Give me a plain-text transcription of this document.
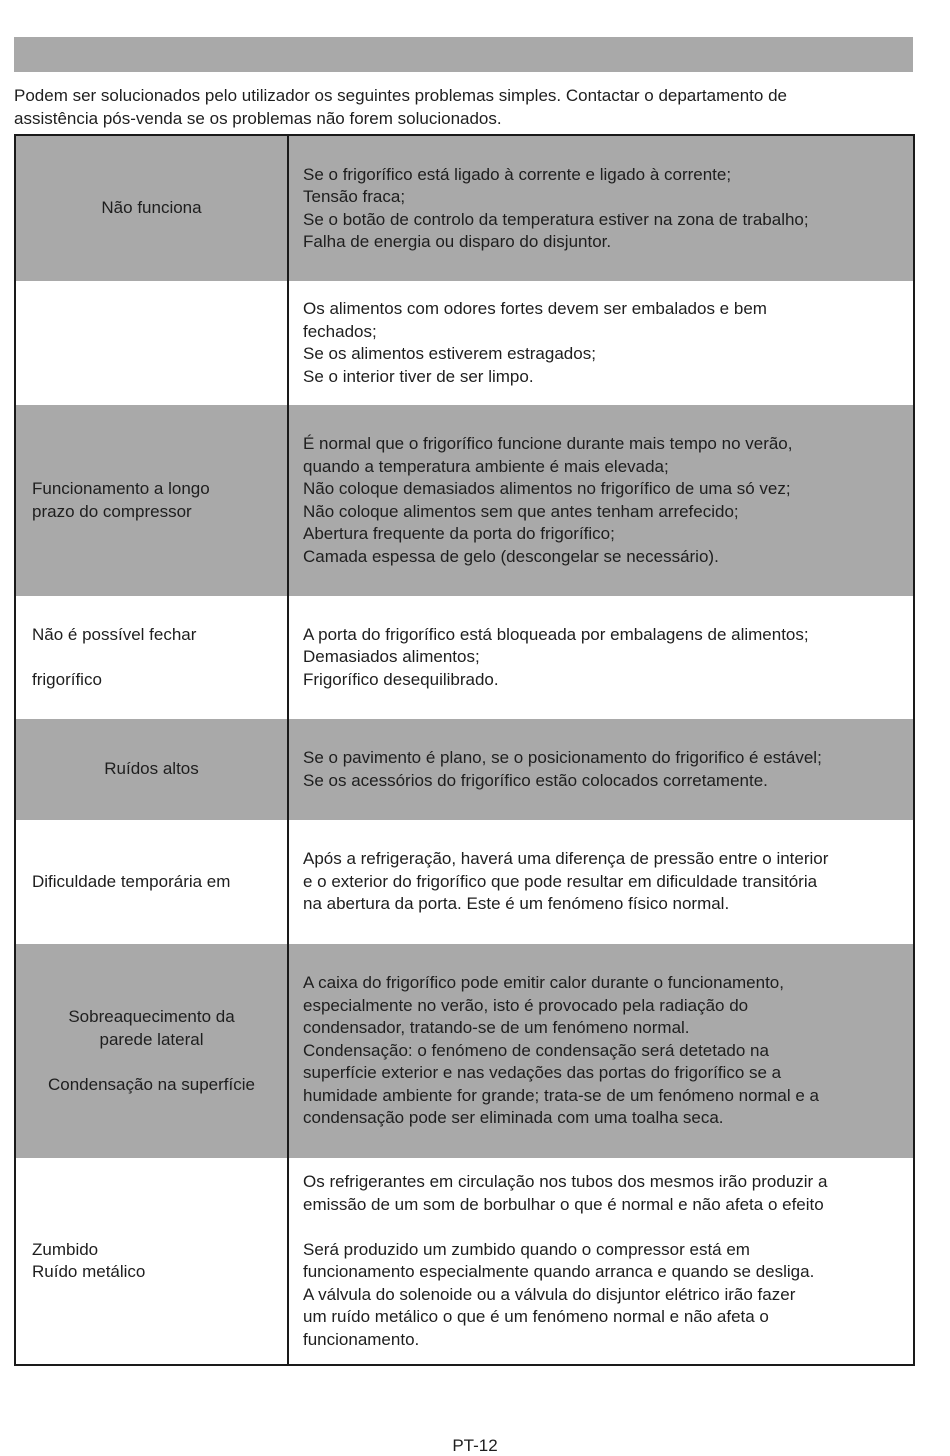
Podem ser solucionados pelo utilizador os seguintes problemas simples. Contactar o departamento de

assistência pós-venda se os problemas não forem solucionados.

Não funciona
Se o frigorífico está ligado à corrente e ligado à corrente;
Tensão fraca;
Se o botão de controlo da temperatura estiver na zona de trabalho;
Falha de energia ou disparo do disjuntor.
Os alimentos com odores fortes devem ser embalados e bem
fechados;
Se os alimentos estiverem estragados;
Se o interior tiver de ser limpo.
Funcionamento a longo
prazo do compressor
É normal que o frigorífico funcione durante mais tempo no verão,
quando a temperatura ambiente é mais elevada;
Não coloque demasiados alimentos no frigorífico de uma só vez;
Não coloque alimentos sem que antes tenham arrefecido;
Abertura frequente da porta do frigorífico;
Camada espessa de gelo (descongelar se necessário).
Não é possível fechar
frigorífico
A porta do frigorífico está bloqueada por embalagens de alimentos;
Demasiados alimentos;
Frigorífico desequilibrado.
Ruídos altos
Se o pavimento é plano, se o posicionamento do frigorifico é estável;
Se os acessórios do frigorífico estão colocados corretamente.
Dificuldade temporária em
Após a refrigeração, haverá uma diferença de pressão entre o interior
e o exterior do frigorífico que pode resultar em dificuldade transitória
na abertura da porta. Este é um fenómeno físico normal.
Sobreaquecimento da
parede lateral
Condensação na superfície
A caixa do frigorífico pode emitir calor durante o funcionamento,
especialmente no verão, isto é provocado pela radiação do
condensador, tratando-se de um fenómeno normal.
Condensação: o fenómeno de condensação será detetado na
superfície exterior e nas vedações das portas do frigorífico se a
humidade ambiente for grande; trata-se de um fenómeno normal e a
condensação pode ser eliminada com uma toalha seca.
Zumbido
Ruído metálico
Os refrigerantes em circulação nos tubos dos mesmos irão produzir a
emissão de um som de borbulhar o que é normal e não afeta o efeito
Será produzido um zumbido quando o compressor está em
funcionamento especialmente quando arranca e quando se desliga.
A válvula do solenoide ou a válvula do disjuntor elétrico irão fazer
um ruído metálico o que é um fenómeno normal e não afeta o
funcionamento.
PT-12
